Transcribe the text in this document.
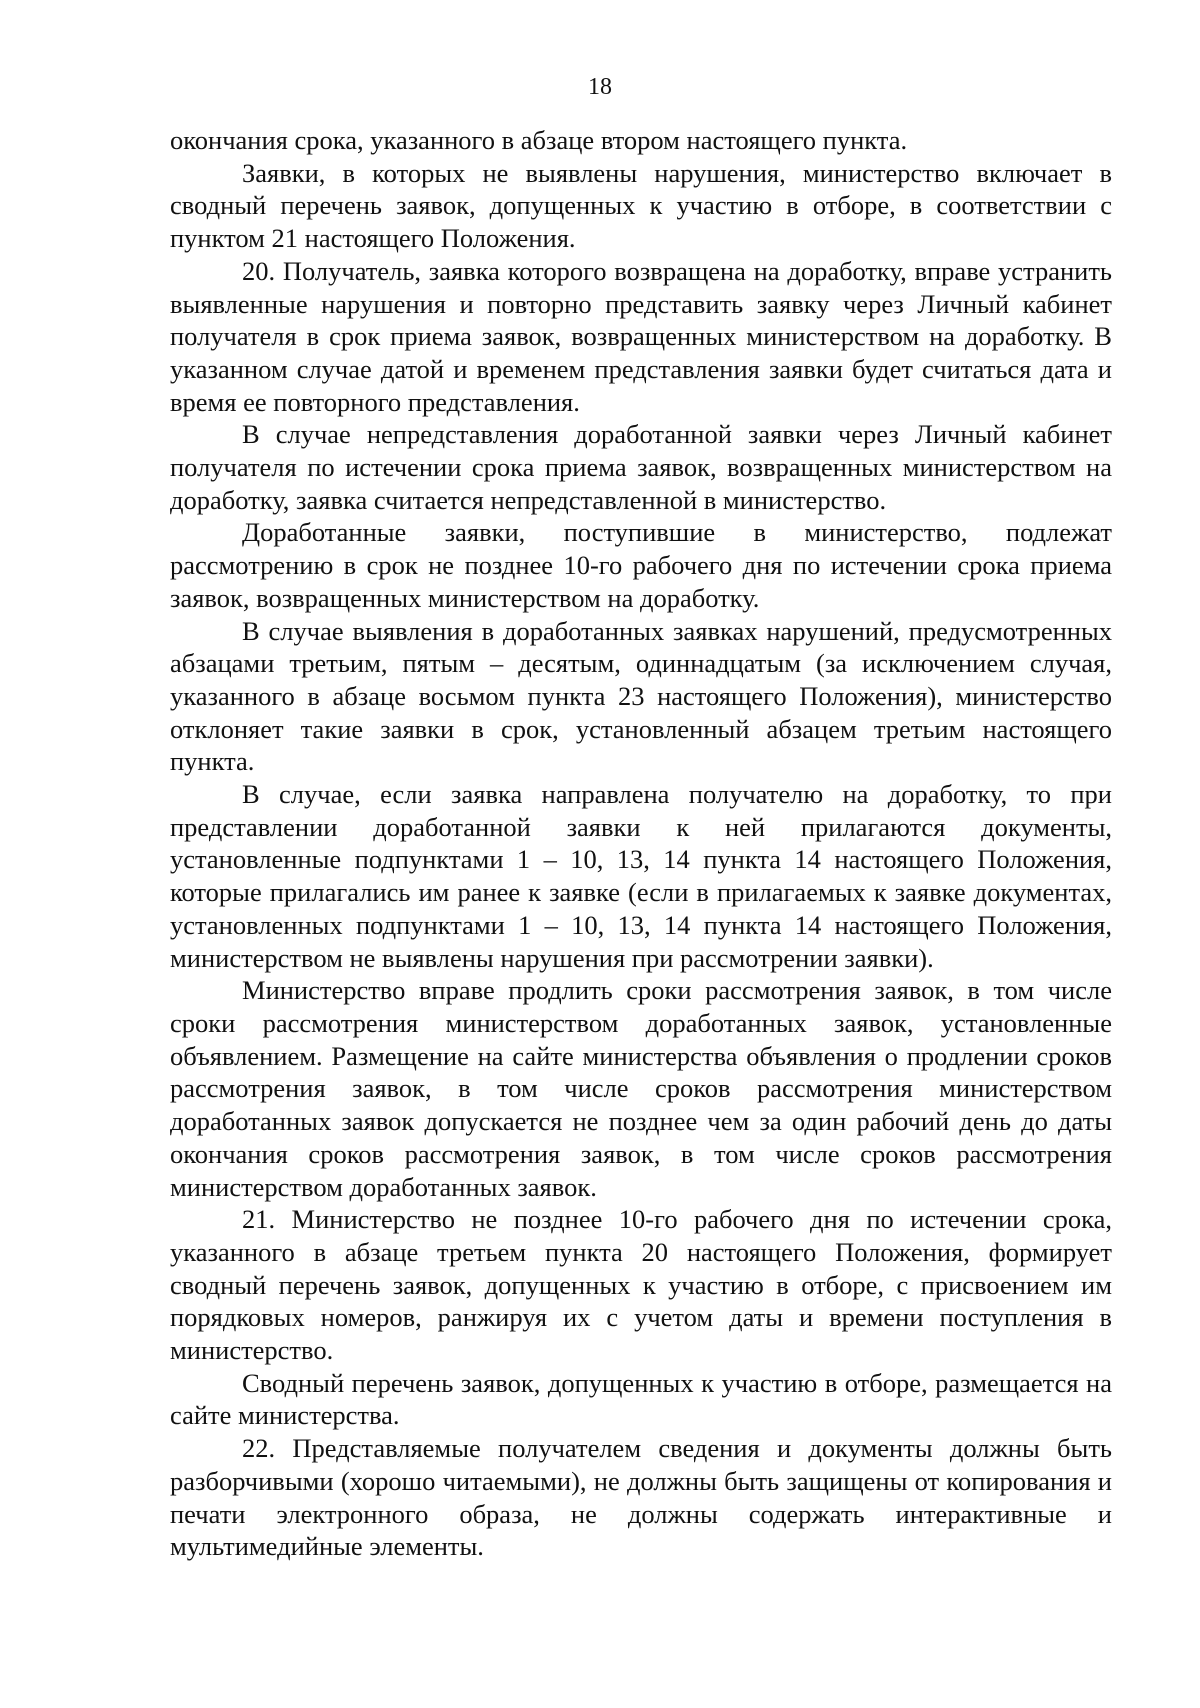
18

окончания срока, указанного в абзаце втором настоящего пункта.

Заявки, в которых не выявлены нарушения, министерство включает в сводный перечень заявок, допущенных к участию в отборе, в соответствии с пунктом 21 настоящего Положения.

20. Получатель, заявка которого возвращена на доработку, вправе устранить выявленные нарушения и повторно представить заявку через Личный кабинет получателя в срок приема заявок, возвращенных министерством на доработку. В указанном случае датой и временем представления заявки будет считаться дата и время ее повторного представления.

В случае непредставления доработанной заявки через Личный кабинет получателя по истечении срока приема заявок, возвращенных министерством на доработку, заявка считается непредставленной в министерство.

Доработанные заявки, поступившие в министерство, подлежат рассмотрению в срок не позднее 10-го рабочего дня по истечении срока приема заявок, возвращенных министерством на доработку.

В случае выявления в доработанных заявках нарушений, предусмотренных абзацами третьим, пятым – десятым, одиннадцатым (за исключением случая, указанного в абзаце восьмом пункта 23 настоящего Положения), министерство отклоняет такие заявки в срок, установленный абзацем третьим настоящего пункта.

В случае, если заявка направлена получателю на доработку, то при представлении доработанной заявки к ней прилагаются документы, установленные подпунктами 1 – 10, 13, 14 пункта 14 настоящего Положения, которые прилагались им ранее к заявке (если в прилагаемых к заявке документах, установленных подпунктами 1 – 10, 13, 14 пункта 14 настоящего Положения, министерством не выявлены нарушения при рассмотрении заявки).

Министерство вправе продлить сроки рассмотрения заявок, в том числе сроки рассмотрения министерством доработанных заявок, установленные объявлением. Размещение на сайте министерства объявления о продлении сроков рассмотрения заявок, в том числе сроков рассмотрения министерством доработанных заявок допускается не позднее чем за один рабочий день до даты окончания сроков рассмотрения заявок, в том числе сроков рассмотрения министерством доработанных заявок.

21. Министерство не позднее 10-го рабочего дня по истечении срока, указанного в абзаце третьем пункта 20 настоящего Положения, формирует сводный перечень заявок, допущенных к участию в отборе, с присвоением им порядковых номеров, ранжируя их с учетом даты и времени поступления в министерство.

Сводный перечень заявок, допущенных к участию в отборе, размещается на сайте министерства.

22. Представляемые получателем сведения и документы должны быть разборчивыми (хорошо читаемыми), не должны быть защищены от копирования и печати электронного образа, не должны содержать интерактивные и мультимедийные элементы.
